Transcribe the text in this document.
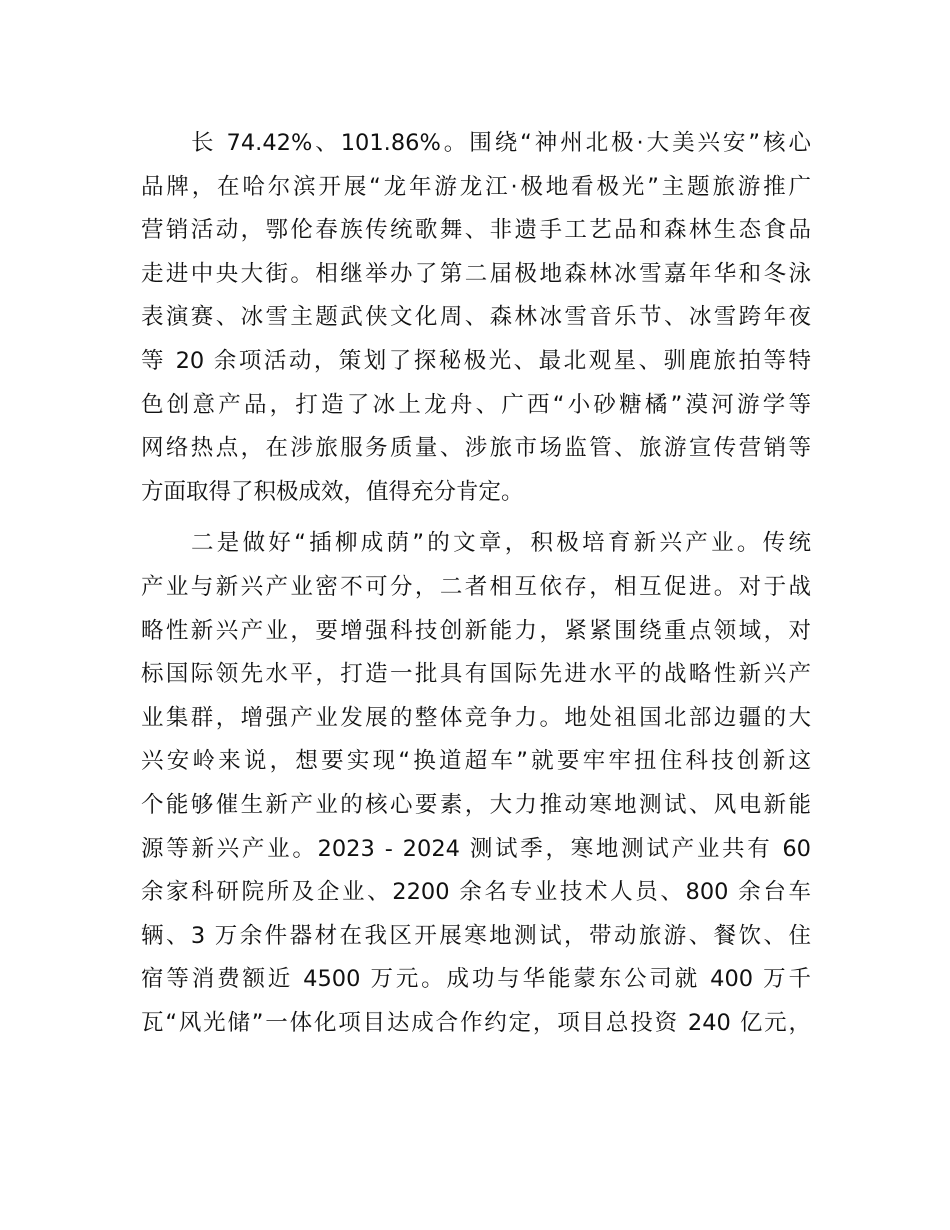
长 74.42%、101.86%。围绕“神州北极·大美兴安”核心
品牌，在哈尔滨开展“龙年游龙江·极地看极光”主题旅游推广
营销活动，鄂伦春族传统歌舞、非遗手工艺品和森林生态食品
走进中央大街。相继举办了第二届极地森林冰雪嘉年华和冬泳
表演赛、冰雪主题武侠文化周、森林冰雪音乐节、冰雪跨年夜
等 20 余项活动，策划了探秘极光、最北观星、驯鹿旅拍等特
色创意产品，打造了冰上龙舟、广西“小砂糖橘”漠河游学等
网络热点，在涉旅服务质量、涉旅市场监管、旅游宣传营销等
方面取得了积极成效，值得充分肯定。
二是做好“插柳成荫”的文章，积极培育新兴产业。传统
产业与新兴产业密不可分，二者相互依存，相互促进。对于战
略性新兴产业，要增强科技创新能力，紧紧围绕重点领域，对
标国际领先水平，打造一批具有国际先进水平的战略性新兴产
业集群，增强产业发展的整体竞争力。地处祖国北部边疆的大
兴安岭来说，想要实现“换道超车”就要牢牢扭住科技创新这
个能够催生新产业的核心要素，大力推动寒地测试、风电新能
源等新兴产业。2023 - 2024 测试季，寒地测试产业共有 60
余家科研院所及企业、2200 余名专业技术人员、800 余台车
辆、3 万余件器材在我区开展寒地测试，带动旅游、餐饮、住
宿等消费额近 4500 万元。成功与华能蒙东公司就 400 万千
瓦“风光储”一体化项目达成合作约定，项目总投资 240 亿元，
